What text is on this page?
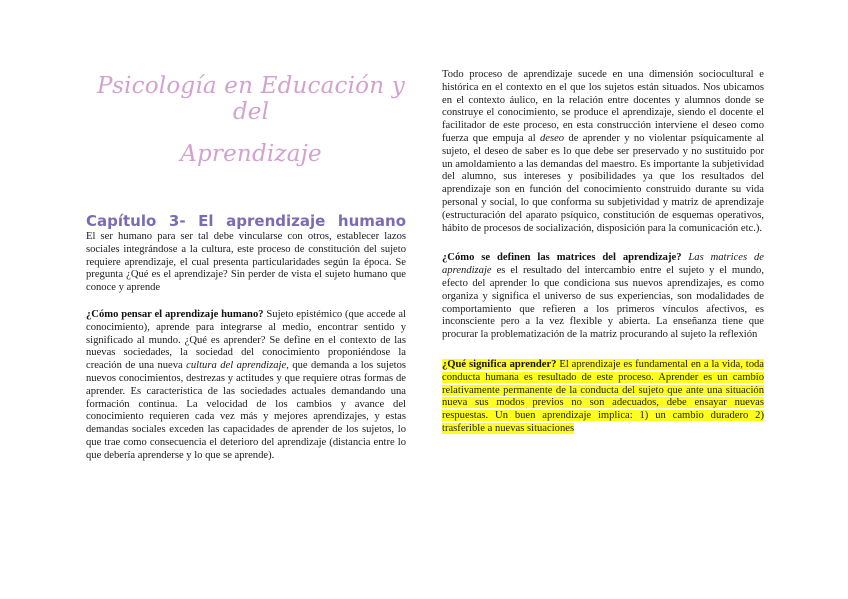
Psicología en Educación y del
Aprendizaje
Capítulo 3- El aprendizaje humano

El ser humano para ser tal debe vincularse con otros, establecer lazos sociales integrándose a la cultura, este proceso de constitución del sujeto requiere aprendizaje, el cual presenta particularidades según la época. Se pregunta ¿Qué es el aprendizaje? Sin perder de vista el sujeto humano que conoce y aprende

¿Cómo pensar el aprendizaje humano? Sujeto epistémico (que accede al conocimiento), aprende para integrarse al medio, encontrar sentido y significado al mundo. ¿Qué es aprender? Se define en el contexto de las nuevas sociedades, la sociedad del conocimiento proponiéndose la creación de una nueva cultura del aprendizaje, que demanda a los sujetos nuevos conocimientos, destrezas y actitudes y que requiere otras formas de aprender. Es característica de las sociedades actuales demandando una formación continua. La velocidad de los cambios y avance del conocimiento requieren cada vez más y mejores aprendizajes, y estas demandas sociales exceden las capacidades de aprender de los sujetos, lo que trae como consecuencia el deterioro del aprendizaje (distancia entre lo que debería aprenderse y lo que se aprende).

Todo proceso de aprendizaje sucede en una dimensión sociocultural e histórica en el contexto en el que los sujetos están situados. Nos ubicamos en el contexto áulico, en la relación entre docentes y alumnos donde se construye el conocimiento, se produce el aprendizaje, siendo el docente el facilitador de este proceso, en esta construcción interviene el deseo como fuerza que empuja al deseo de aprender y no violentar psíquicamente al sujeto, el deseo de saber es lo que debe ser preservado y no sustituido por un amoldamiento a las demandas del maestro. Es importante la subjetividad del alumno, sus intereses y posibilidades ya que los resultados del aprendizaje son en función del conocimiento construido durante su vida personal y social, lo que conforma su subjetividad y matriz de aprendizaje (estructuración del aparato psíquico, constitución de esquemas operativos, hábito de procesos de socialización, disposición para la comunicación etc.).

¿Cómo se definen las matrices del aprendizaje? Las matrices de aprendizaje es el resultado del intercambio entre el sujeto y el mundo, efecto del aprender lo que condiciona sus nuevos aprendizajes, es como organiza y significa el universo de sus experiencias, son modalidades de comportamiento que refieren a los primeros vínculos afectivos, es inconsciente pero a la vez flexible y abierta. La enseñanza tiene que procurar la problematización de la matriz procurando al sujeto la reflexión

¿Qué significa aprender? El aprendizaje es fundamental en a la vida, toda conducta humana es resultado de este proceso. Aprender es un cambio relativamente permanente de la conducta del sujeto que ante una situación nueva sus modos previos no son adecuados, debe ensayar nuevas respuestas. Un buen aprendizaje implica: 1) un cambio duradero 2) trasferible a nuevas situaciones
